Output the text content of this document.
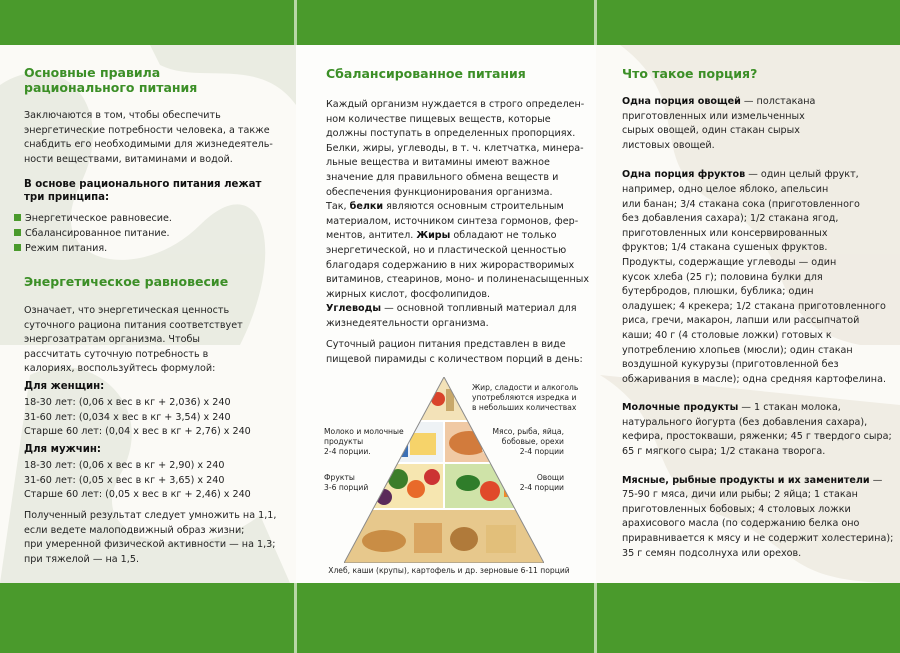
Основные правила
рационального питания
Заключаются в том, чтобы обеспечить
энергетические потребности человека, а также
снабдить его необходимыми для жизнедеятель-
ности веществами, витаминами и водой.
В основе рационального питания лежат
три принципа:
Энергетическое равновесие.
Сбалансированное питание.
Режим питания.
Энергетическое равновесие
Означает, что энергетическая ценность
суточного рациона питания соответствует
энергозатратам организма. Чтобы
рассчитать суточную потребность в
калориях, воспользуйтесь формулой:
Для женщин:
18-30 лет: (0,06 х вес в кг + 2,036) х 240
31-60 лет: (0,034 х вес в кг + 3,54) х 240
Старше 60 лет: (0,04 х вес в кг + 2,76) х 240
Для мужчин:
18-30 лет: (0,06 х вес в кг + 2,90) х 240
31-60 лет: (0,05 х вес в кг + 3,65) х 240
Старше 60 лет: (0,05 х вес в кг + 2,46) х 240
Полученный результат следует умножить на 1,1,
если ведете малоподвижный образ жизни;
при умеренной физической активности — на 1,3;
при тяжелой — на 1,5.
Сбалансированное питания
Каждый организм нуждается в строго определен-
ном количестве пищевых веществ, которые
должны поступать в определенных пропорциях.
Белки, жиры, углеводы, в т. ч. клетчатка, минера-
льные вещества и витамины имеют важное
значение для правильного обмена веществ и
обеспечения функционирования организма.
Так, белки являются основным строительным
материалом, источником синтеза гормонов, фер-
ментов, антител. Жиры обладают не только
энергетической, но и пластической ценностью
благодаря содержанию в них жирорастворимых
витаминов, стеаринов, моно- и полиненасыщенных
жирных кислот, фосфолипидов.
Углеводы — основной топливный материал для
жизнедеятельности организма.
Суточный рацион питания представлен в виде
пищевой пирамиды с количеством порций в день:
Жир, сладости и алкоголь
употребляются изредка и
в небольших количествах
Молоко и молочные
продукты
2-4 порции.
Мясо, рыба, яйца,
бобовые, орехи
2-4 порции
Фрукты
3-6 порций
Овощи
2-4 порции
Хлеб, каши (крупы), картофель и др. зерновые 6-11 порций
Что такое порция?
Одна порция овощей — полстакана
приготовленных или измельченных
сырых овощей, один стакан сырых
листовых овощей.
Одна порция фруктов — один целый фрукт,
например, одно целое яблоко, апельсин
или банан; 3/4 стакана сока (приготовленного
без добавления сахара); 1/2 стакана ягод,
приготовленных или консервированных
фруктов; 1/4 стакана сушеных фруктов.
Продукты, содержащие углеводы — один
кусок хлеба (25 г); половина булки для
бутербродов, плюшки, бублика; один
оладушек; 4 крекера; 1/2 стакана приготовленного
риса, гречи, макарон, лапши или рассыпчатой
каши; 40 г (4 столовые ложки) готовых к
употреблению хлопьев (мюсли); один стакан
воздушной кукурузы (приготовленной без
обжаривания в масле); одна средняя картофелина.
Молочные продукты — 1 стакан молока,
натурального йогурта (без добавления сахара),
кефира, простокваши, ряженки; 45 г твердого сыра;
65 г мягкого сыра; 1/2 стакана творога.
Мясные, рыбные продукты и их заменители —
75-90 г мяса, дичи или рыбы; 2 яйца; 1 стакан
приготовленных бобовых; 4 столовых ложки
арахисового масла (по содержанию белка оно
приравнивается к мясу и не содержит холестерина);
35 г семян подсолнуха или орехов.
